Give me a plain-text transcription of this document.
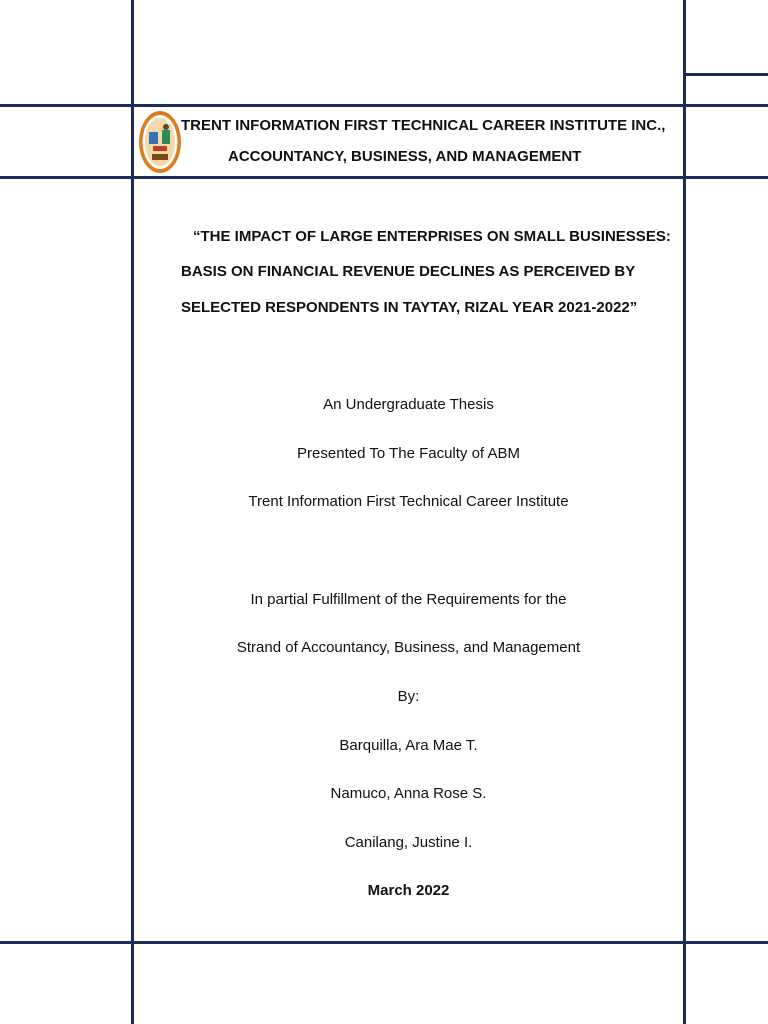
TRENT INFORMATION FIRST TECHNICAL CAREER INSTITUTE INC.,
ACCOUNTANCY, BUSINESS, AND MANAGEMENT
“THE IMPACT OF LARGE ENTERPRISES ON SMALL BUSINESSES:
BASIS ON FINANCIAL REVENUE DECLINES AS PERCEIVED BY
SELECTED RESPONDENTS IN TAYTAY, RIZAL YEAR 2021-2022”
An Undergraduate Thesis
Presented To The Faculty of ABM
Trent Information First Technical Career Institute
In partial Fulfillment of the Requirements for the
Strand of Accountancy, Business, and Management
By:
Barquilla, Ara Mae T.
Namuco, Anna Rose S.
Canilang, Justine I.
March 2022
